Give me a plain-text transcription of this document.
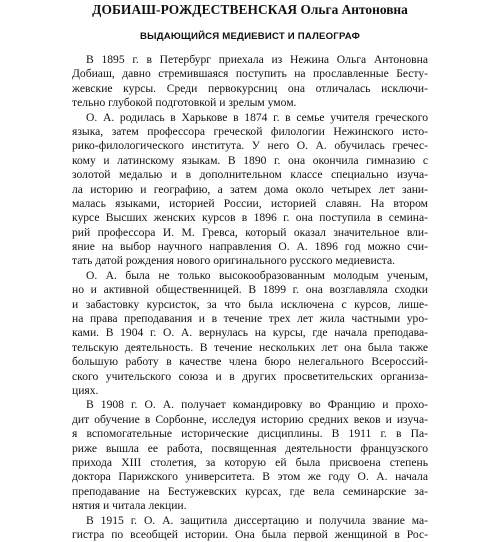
ДОБИАШ-РОЖДЕСТВЕНСКАЯ Ольга Антоновна
ВЫДАЮЩИЙСЯ МЕДИЕВИСТ И ПАЛЕОГРАФ
В 1895 г. в Петербург приехала из Нежина Ольга Антоновна
Добиаш, давно стремившаяся поступить на прославленные Бесту-
жевские курсы. Среди первокурсниц она отличалась исключи-
тельно глубокой подготовкой и зрелым умом.
О. А. родилась в Харькове в 1874 г. в семье учителя греческого
языка, затем профессора греческой филологии Нежинского исто-
рико-филологического института. У него О. А. обучилась гречес-
кому и латинскому языкам. В 1890 г. она окончила гимназию с
золотой медалью и в дополнительном классе специально изуча-
ла историю и географию, а затем дома около четырех лет зани-
малась языками, историей России, историей славян. На втором
курсе Высших женских курсов в 1896 г. она поступила в семина-
рий профессора И. М. Гревса, который оказал значительное вли-
яние на выбор научного направления О. А. 1896 год можно счи-
тать датой рождения нового оригинального русского медиевиста.
О. А. была не только высокообразованным молодым ученым,
но и активной общественницей. В 1899 г. она возглавляла сходки
и забастовку курсисток, за что была исключена с курсов, лише-
на права преподавания и в течение трех лет жила частными уро-
ками. В 1904 г. О. А. вернулась на курсы, где начала преподава-
тельскую деятельность. В течение нескольких лет она была также
большую работу в качестве члена бюро нелегального Всероссий-
ского учительского союза и в других просветительских организа-
циях.
В 1908 г. О. А. получает командировку во Францию и прохо-
дит обучение в Сорбонне, исследуя историю средних веков и изуча-
я вспомогательные исторические дисциплины. В 1911 г. в Па-
риже вышла ее работа, посвященная деятельности французского
прихода XIII столетия, за которую ей была присвоена степень
доктора Парижского университета. В этом же году О. А. начала
преподавание на Бестужевских курсах, где вела семинарские за-
нятия и читала лекции.
В 1915 г. О. А. защитила диссертацию и получила звание ма-
гистра по всеобщей истории. Она была первой женщиной в Рос-
